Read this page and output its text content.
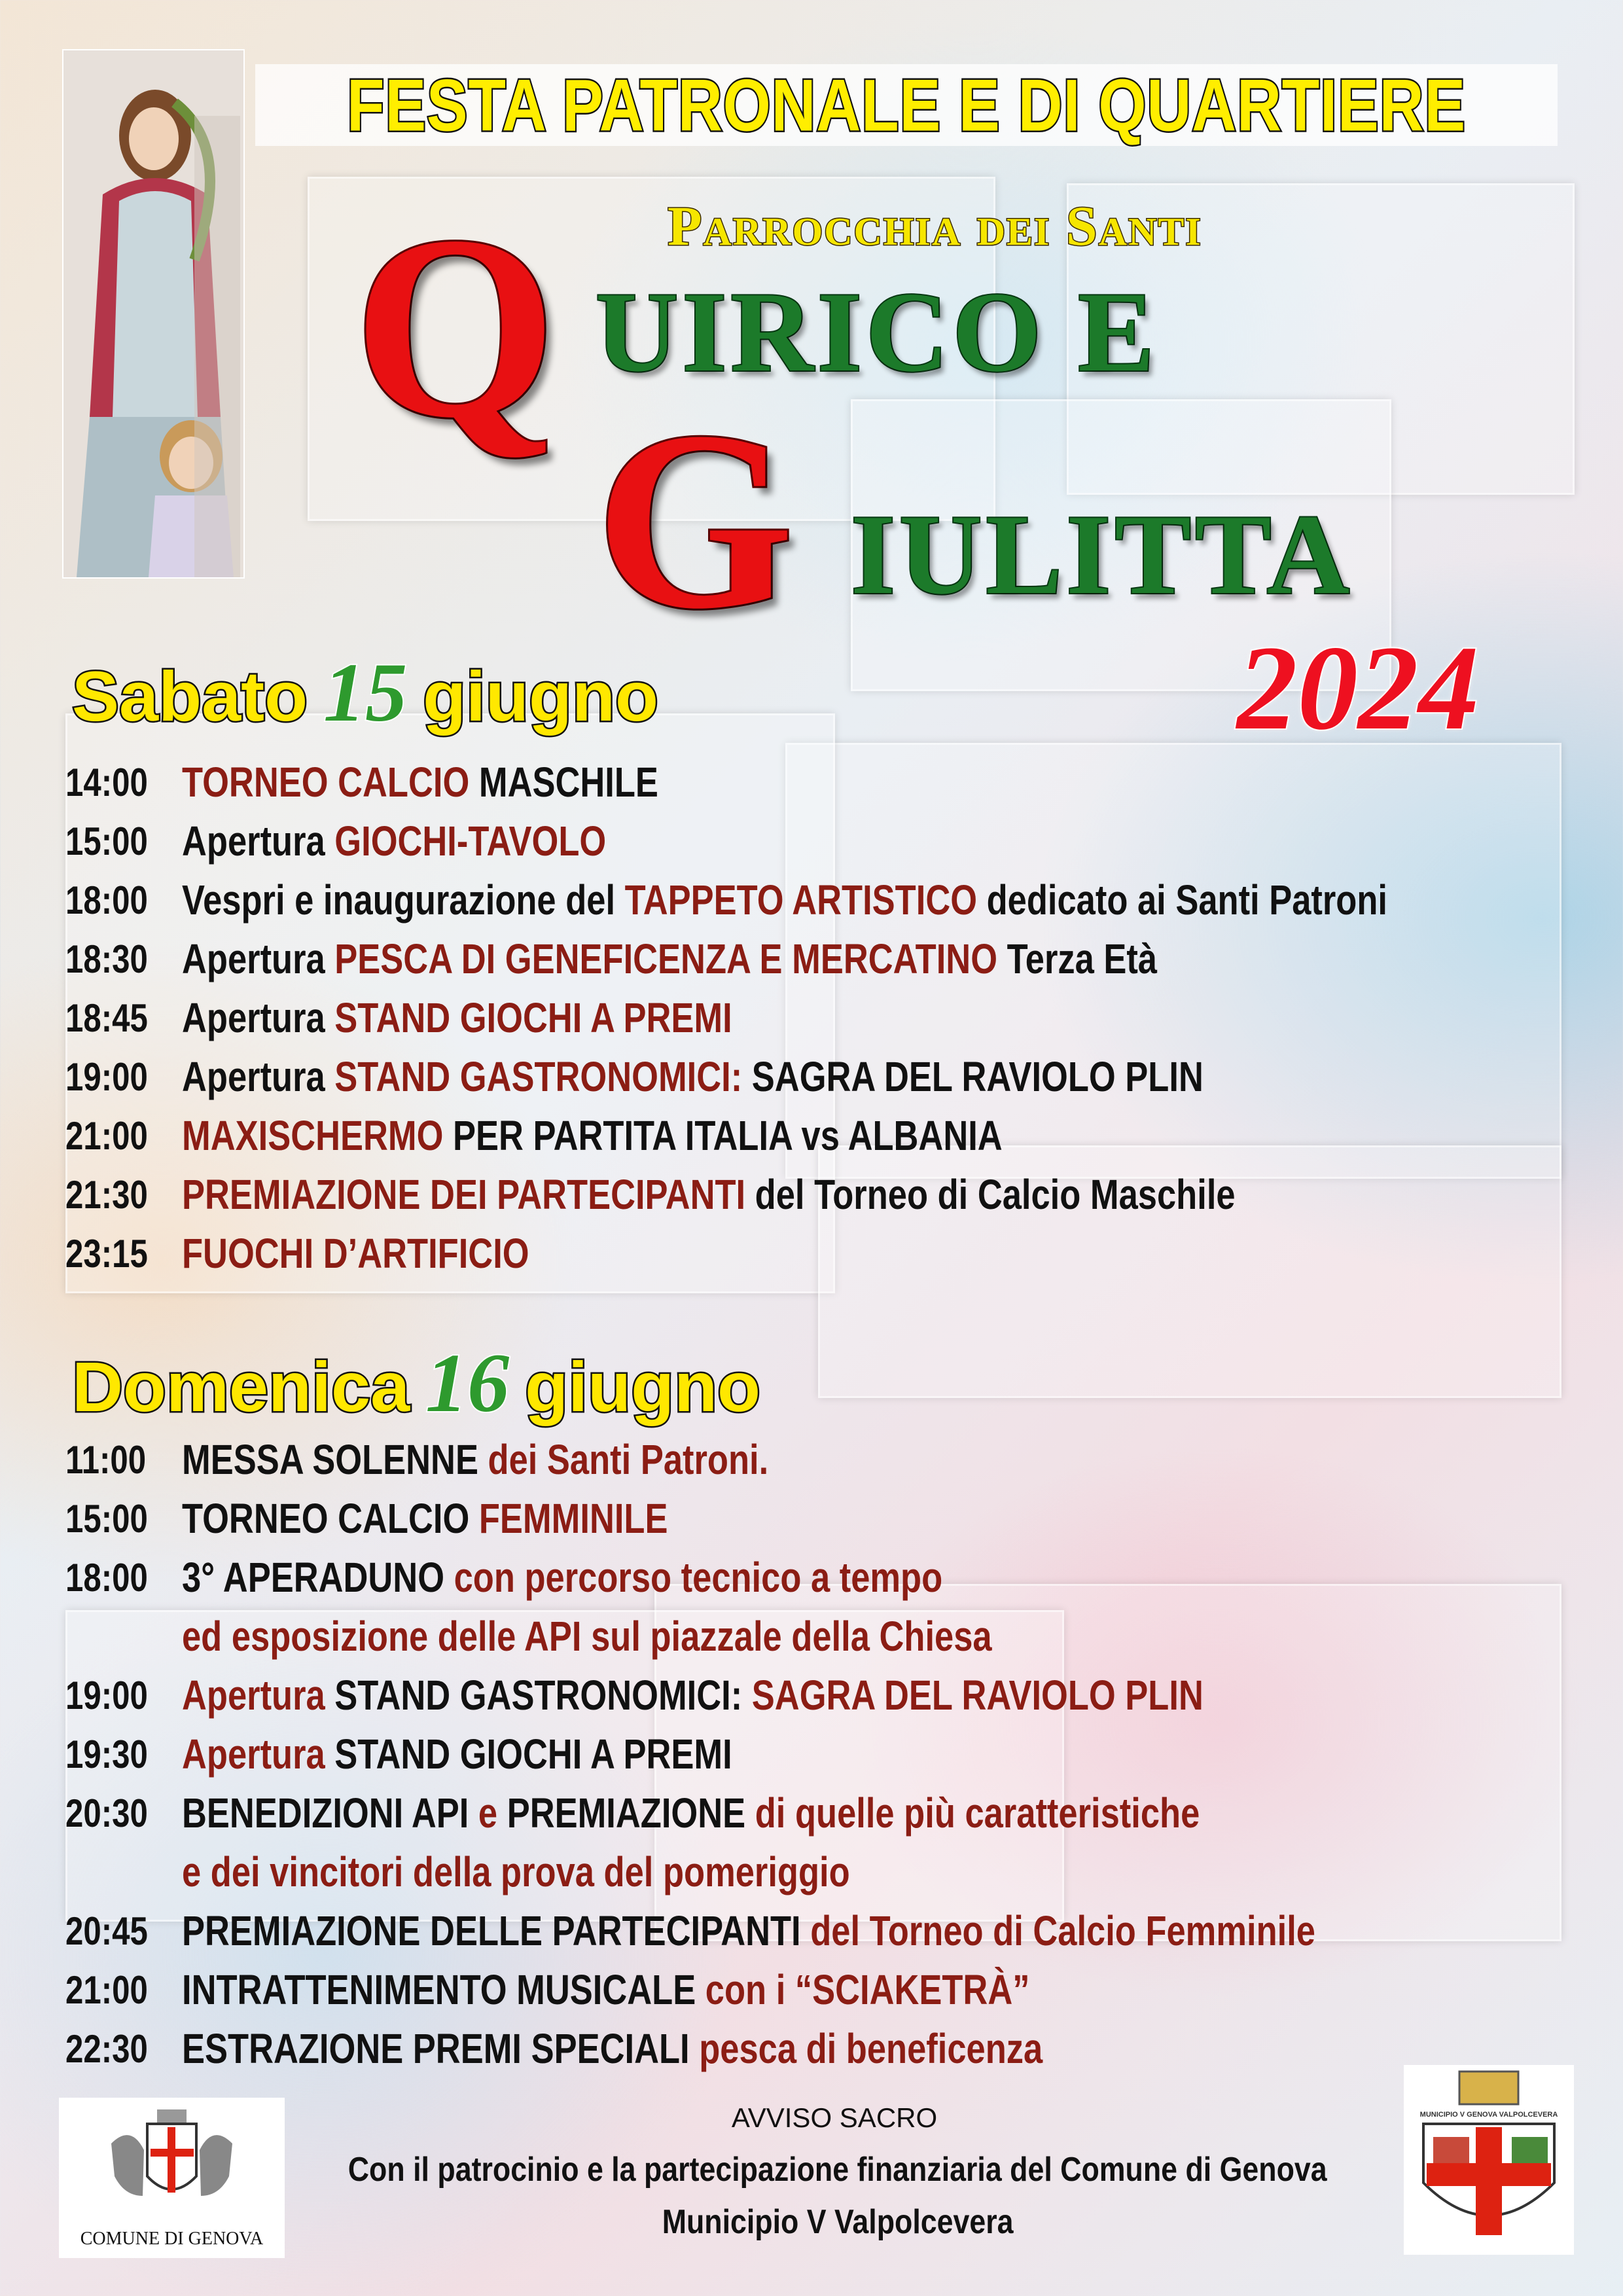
FESTA PATRONALE E DI QUARTIERE
Parrocchia dei Santi
Q UIRICO E
G IULITTA
2024
Sabato 15 giugno
14:00 TORNEO CALCIO MASCHILE
15:00 Apertura GIOCHI-TAVOLO
18:00 Vespri e inaugurazione del TAPPETO ARTISTICO dedicato ai Santi Patroni
18:30 Apertura PESCA DI GENEFICENZA E MERCATINO Terza Età
18:45 Apertura STAND GIOCHI A PREMI
19:00 Apertura STAND GASTRONOMICI: SAGRA DEL RAVIOLO PLIN
21:00 MAXISCHERMO PER PARTITA ITALIA vs ALBANIA
21:30 PREMIAZIONE DEI PARTECIPANTI del Torneo di Calcio Maschile
23:15 FUOCHI D’ARTIFICIO
Domenica 16 giugno
11:00 MESSA SOLENNE dei Santi Patroni.
15:00 TORNEO CALCIO FEMMINILE
18:00 3° APERADUNO con percorso tecnico a tempo
ed esposizione delle API sul piazzale della Chiesa
19:00 Apertura STAND GASTRONOMICI: SAGRA DEL RAVIOLO PLIN
19:30 Apertura STAND GIOCHI A PREMI
20:30 BENEDIZIONI API e PREMIAZIONE di quelle più caratteristiche
e dei vincitori della prova del pomeriggio
20:45 PREMIAZIONE DELLE PARTECIPANTI del Torneo di Calcio Femminile
21:00 INTRATTENIMENTO MUSICALE con i “SCIAKETRÀ”
22:30 ESTRAZIONE PREMI SPECIALI pesca di beneficenza
COMUNE DI GENOVA
AVVISO SACRO
Con il patrocinio e la partecipazione finanziaria del Comune di Genova
Municipio V Valpolcevera
MUNICIPIO V GENOVA VALPOLCEVERA
